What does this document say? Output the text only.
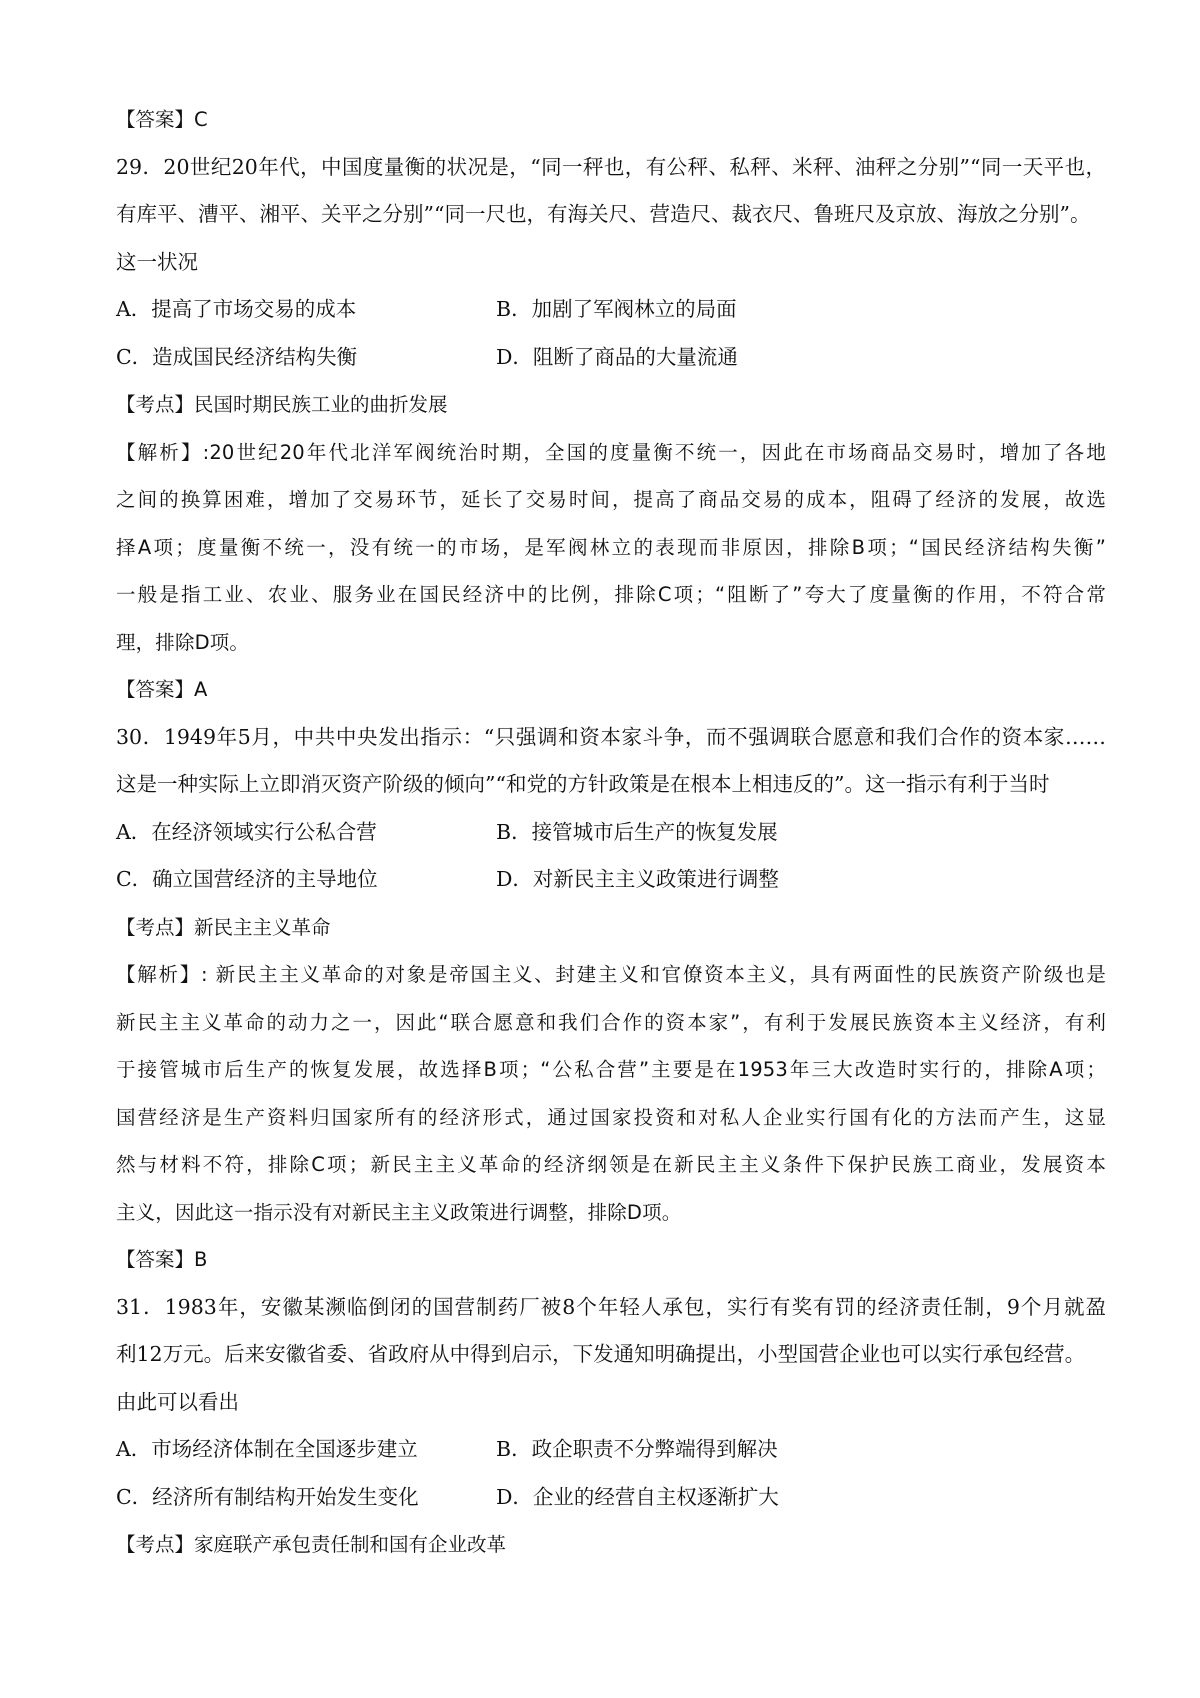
【答案】C
29．20世纪20年代，中国度量衡的状况是，“同一秤也，有公秤、私秤、米秤、油秤之分别”“同一天平也，
有库平、漕平、湘平、关平之分别”“同一尺也，有海关尺、营造尺、裁衣尺、鲁班尺及京放、海放之分别”。
这一状况
A．提高了市场交易的成本	B．加剧了军阀林立的局面
C．造成国民经济结构失衡	D．阻断了商品的大量流通
【考点】民国时期民族工业的曲折发展
【解析】:20世纪20年代北洋军阀统治时期，全国的度量衡不统一，因此在市场商品交易时，增加了各地
之间的换算困难，增加了交易环节，延长了交易时间，提高了商品交易的成本，阻碍了经济的发展，故选
择A项；度量衡不统一，没有统一的市场，是军阀林立的表现而非原因，排除B项；“国民经济结构失衡”
一般是指工业、农业、服务业在国民经济中的比例，排除C项；“阻断了”夸大了度量衡的作用，不符合常
理，排除D项。
【答案】A
30．1949年5月，中共中央发出指示：“只强调和资本家斗争，而不强调联合愿意和我们合作的资本家……
这是一种实际上立即消灭资产阶级的倾向”“和党的方针政策是在根本上相违反的”。这一指示有利于当时
A．在经济领域实行公私合营	B．接管城市后生产的恢复发展
C．确立国营经济的主导地位	D．对新民主主义政策进行调整
【考点】新民主主义革命
【解析】: 新民主主义革命的对象是帝国主义、封建主义和官僚资本主义，具有两面性的民族资产阶级也是
新民主主义革命的动力之一，因此“联合愿意和我们合作的资本家”，有利于发展民族资本主义经济，有利
于接管城市后生产的恢复发展，故选择B项；“公私合营”主要是在1953年三大改造时实行的，排除A项；
国营经济是生产资料归国家所有的经济形式，通过国家投资和对私人企业实行国有化的方法而产生，这显
然与材料不符，排除C项；新民主主义革命的经济纲领是在新民主主义条件下保护民族工商业，发展资本
主义，因此这一指示没有对新民主主义政策进行调整，排除D项。
【答案】B
31．1983年，安徽某濒临倒闭的国营制药厂被8个年轻人承包，实行有奖有罚的经济责任制，9个月就盈
利12万元。后来安徽省委、省政府从中得到启示，下发通知明确提出，小型国营企业也可以实行承包经营。
由此可以看出
A．市场经济体制在全国逐步建立	B．政企职责不分弊端得到解决
C．经济所有制结构开始发生变化	D．企业的经营自主权逐渐扩大
【考点】家庭联产承包责任制和国有企业改革
